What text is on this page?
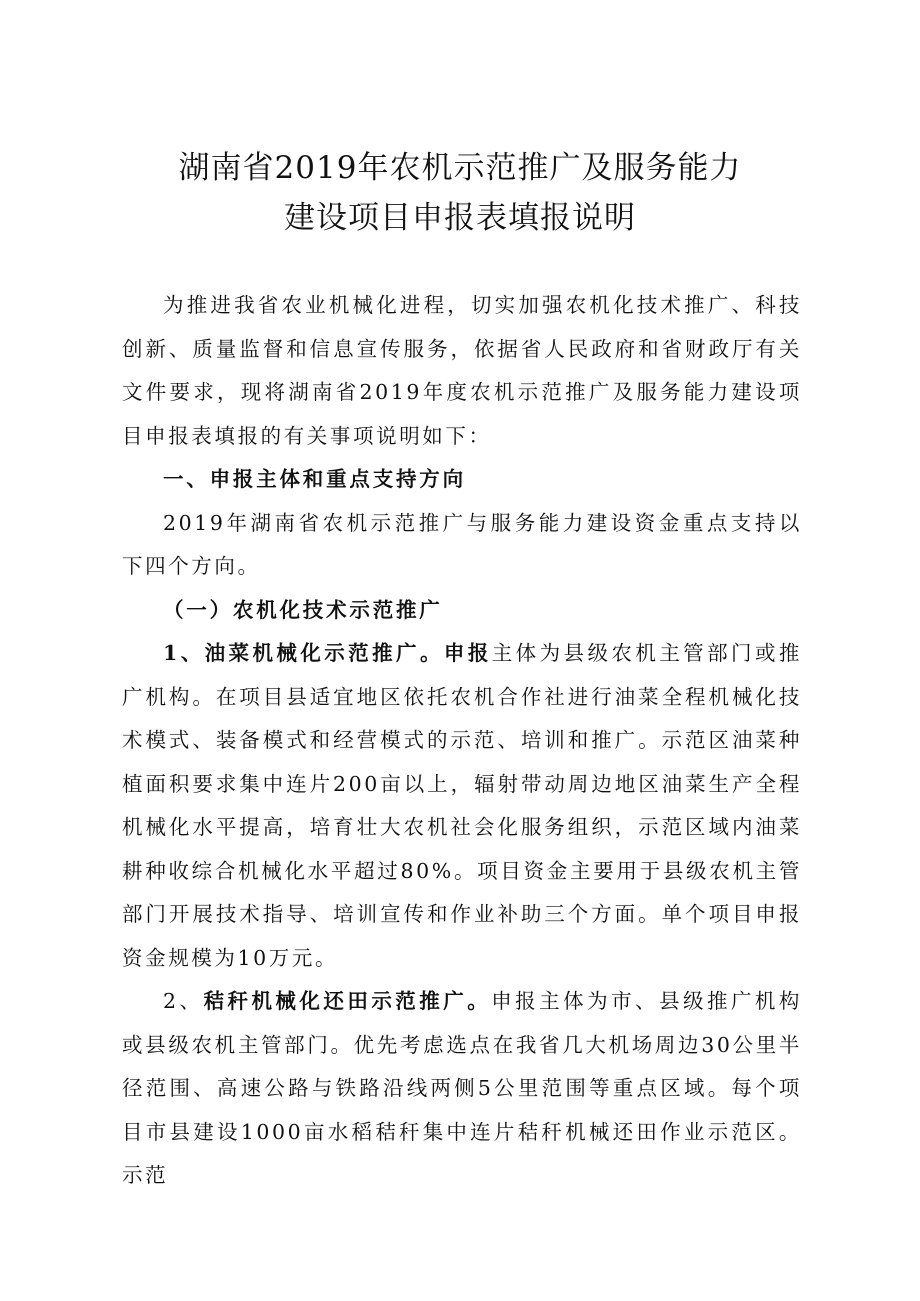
湖南省2019年农机示范推广及服务能力
建设项目申报表填报说明

为推进我省农业机械化进程，切实加强农机化技术推广、科技创新、质量监督和信息宣传服务，依据省人民政府和省财政厅有关文件要求，现将湖南省2019年度农机示范推广及服务能力建设项目申报表填报的有关事项说明如下：

一、申报主体和重点支持方向

2019年湖南省农机示范推广与服务能力建设资金重点支持以下四个方向。

（一）农机化技术示范推广

1、油菜机械化示范推广。申报主体为县级农机主管部门或推广机构。在项目县适宜地区依托农机合作社进行油菜全程机械化技术模式、装备模式和经营模式的示范、培训和推广。示范区油菜种植面积要求集中连片200亩以上，辐射带动周边地区油菜生产全程机械化水平提高，培育壮大农机社会化服务组织，示范区域内油菜耕种收综合机械化水平超过80%。项目资金主要用于县级农机主管部门开展技术指导、培训宣传和作业补助三个方面。单个项目申报资金规模为10万元。

2、秸秆机械化还田示范推广。申报主体为市、县级推广机构或县级农机主管部门。优先考虑选点在我省几大机场周边30公里半径范围、高速公路与铁路沿线两侧5公里范围等重点区域。每个项目市县建设1000亩水稻秸秆集中连片秸秆机械还田作业示范区。示范
